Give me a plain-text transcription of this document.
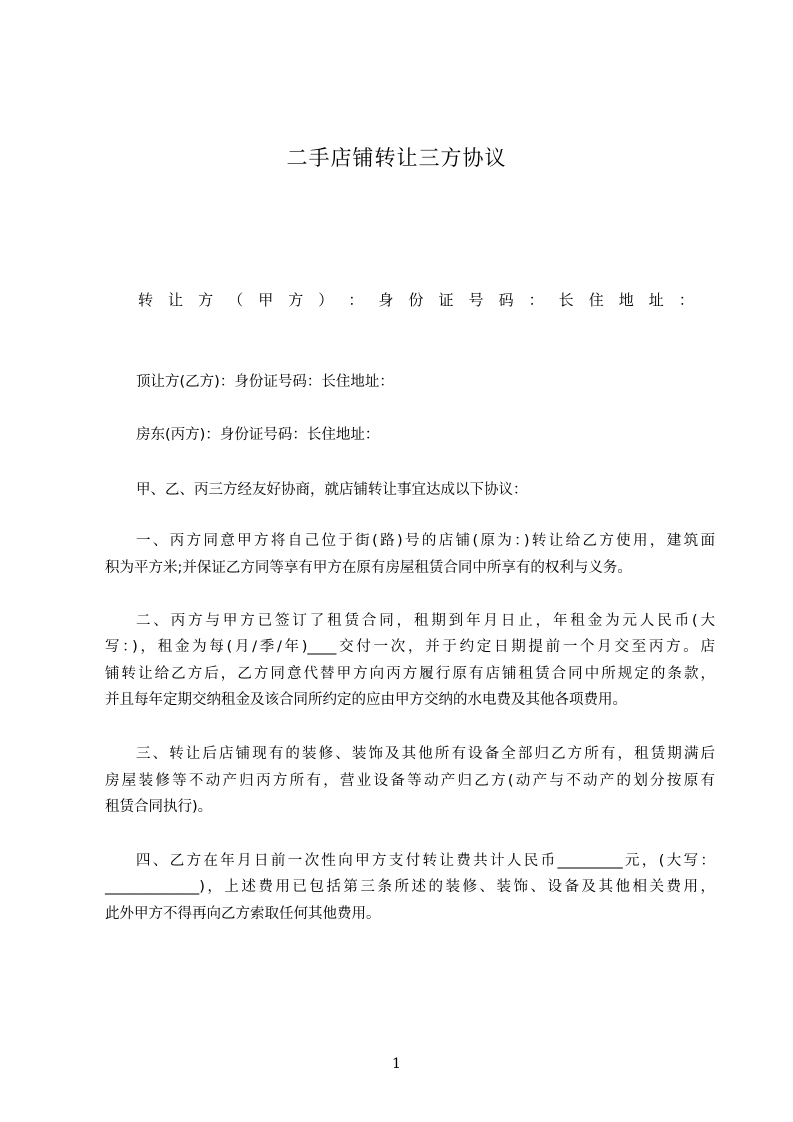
二手店铺转让三方协议
转 让 方 （ 甲 方 ） ： 身 份 证 号 码 ： 长 住 地 址 ：

顶让方(乙方)：身份证号码：长住地址：

房东(丙方)：身份证号码：长住地址：

甲、乙、丙三方经友好协商，就店铺转让事宜达成以下协议：

一、丙方同意甲方将自己位于街(路)号的店铺(原为：)转让给乙方使用，建筑面

积为平方米;并保证乙方同等享有甲方在原有房屋租赁合同中所享有的权利与义务。

二、丙方与甲方已签订了租赁合同，租期到年月日止，年租金为元人民币(大

写：)，租金为每(月/季/年)____交付一次，并于约定日期提前一个月交至丙方。店

铺转让给乙方后，乙方同意代替甲方向丙方履行原有店铺租赁合同中所规定的条款，

并且每年定期交纳租金及该合同所约定的应由甲方交纳的水电费及其他各项费用。

三、转让后店铺现有的装修、装饰及其他所有设备全部归乙方所有，租赁期满后

房屋装修等不动产归丙方所有，营业设备等动产归乙方(动产与不动产的划分按原有

租赁合同执行)。

四、乙方在年月日前一次性向甲方支付转让费共计人民币_________元，(大写：

_____________)，上述费用已包括第三条所述的装修、装饰、设备及其他相关费用，

此外甲方不得再向乙方索取任何其他费用。

1
